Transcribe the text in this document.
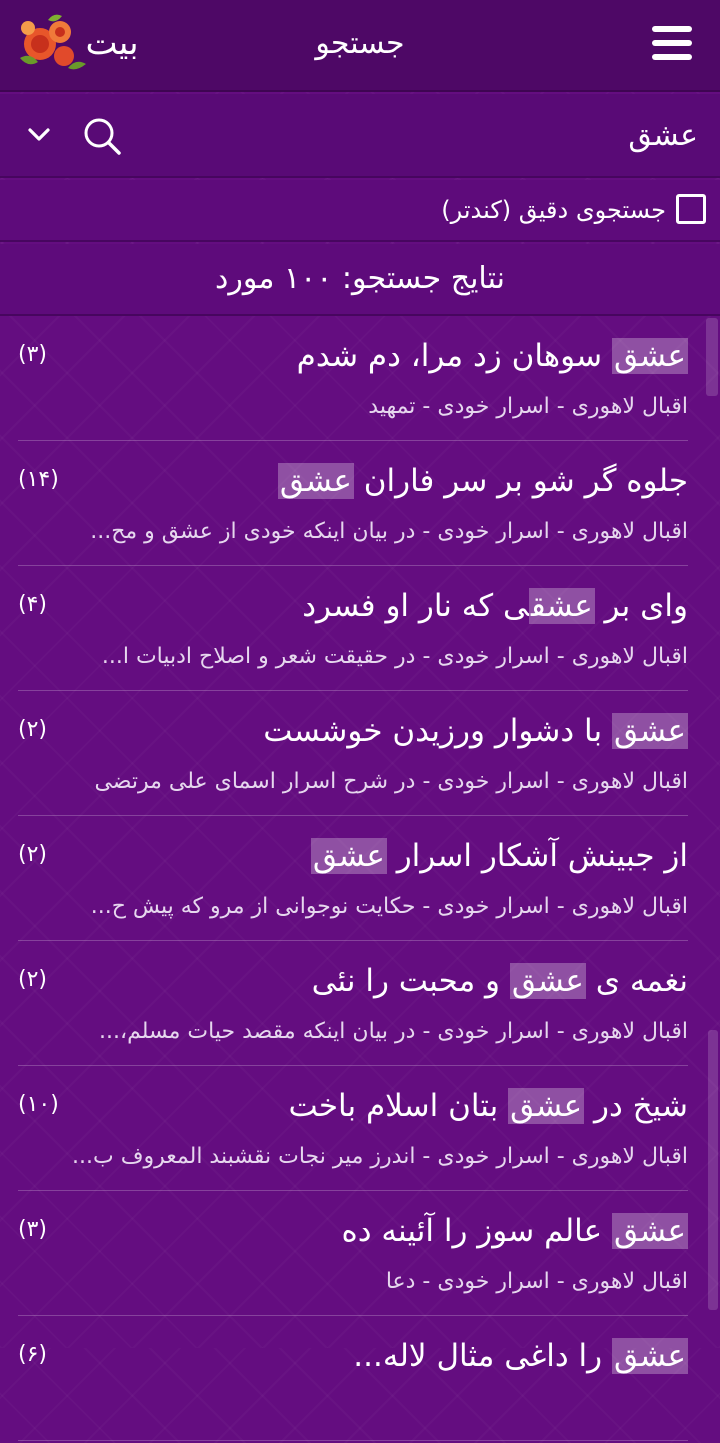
بیت	جستجو
عشق
جستجوی دقیق (کندتر)
نتایج جستجو: ۱۰۰ مورد
عشق سوهان زد مرا، دم شدم
(۳)
اقبال لاهوری - اسرار خودی - تمهید
جلوه گر شو بر سر فاران عشق
(۱۴)
اقبال لاهوری - اسرار خودی - در بیان اینکه خودی از عشق و مح...
وای بر عشقی که نار او فسرد
(۴)
اقبال لاهوری - اسرار خودی - در حقیقت شعر و اصلاح ادبیات ا...
عشق با دشوار ورزیدن خوشست
(۲)
اقبال لاهوری - اسرار خودی - در شرح اسرار اسمای علی مرتضی
از جبینش آشکار اسرار عشق
(۲)
اقبال لاهوری - اسرار خودی - حکایت نوجوانی از مرو که پیش ح...
نغمه ی عشق و محبت را نئی
(۲)
اقبال لاهوری - اسرار خودی - در بیان اینکه مقصد حیات مسلم،...
شیخ در عشق بتان اسلام باخت
(۱۰)
اقبال لاهوری - اسرار خودی - اندرز میر نجات نقشبند المعروف ب...
عشق عالم سوز را آئینه ده
(۳)
اقبال لاهوری - اسرار خودی - دعا
عشق را داغی مثال لاله...
(۶)
